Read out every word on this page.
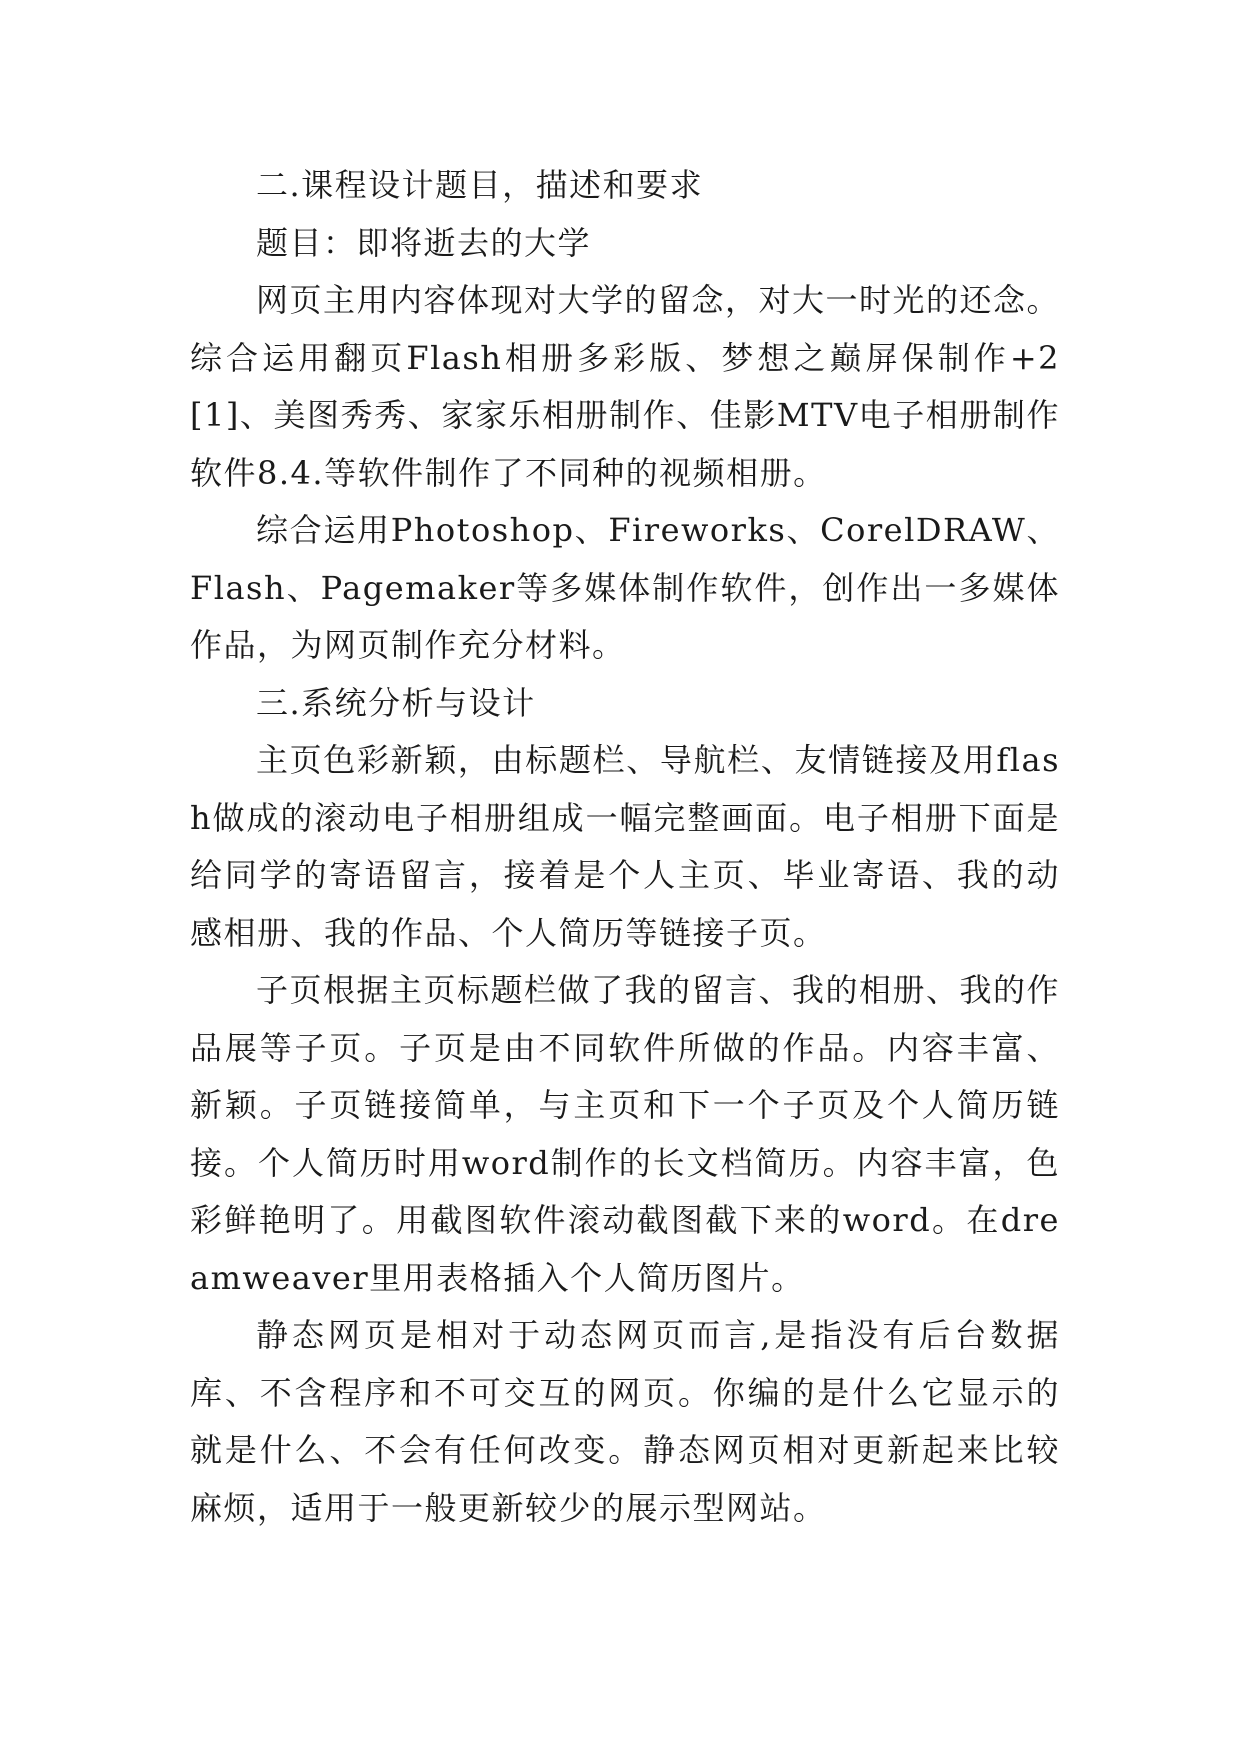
二.课程设计题目，描述和要求

题目：即将逝去的大学

网页主用内容体现对大学的留念，对大一时光的还念。综合运用翻页Flash相册多彩版、梦想之巅屏保制作+2[1]、美图秀秀、家家乐相册制作、佳影MTV电子相册制作软件8.4.等软件制作了不同种的视频相册。

综合运用Photoshop、Fireworks、CorelDRAW、Flash、Pagemaker等多媒体制作软件，创作出一多媒体作品，为网页制作充分材料。

三.系统分析与设计

主页色彩新颖，由标题栏、导航栏、友情链接及用flash做成的滚动电子相册组成一幅完整画面。电子相册下面是给同学的寄语留言，接着是个人主页、毕业寄语、我的动感相册、我的作品、个人简历等链接子页。

子页根据主页标题栏做了我的留言、我的相册、我的作品展等子页。子页是由不同软件所做的作品。内容丰富、新颖。子页链接简单，与主页和下一个子页及个人简历链接。个人简历时用word制作的长文档简历。内容丰富，色彩鲜艳明了。用截图软件滚动截图截下来的word。在dreamweaver里用表格插入个人简历图片。

静态网页是相对于动态网页而言,是指没有后台数据库、不含程序和不可交互的网页。你编的是什么它显示的就是什么、不会有任何改变。静态网页相对更新起来比较麻烦，适用于一般更新较少的展示型网站。
